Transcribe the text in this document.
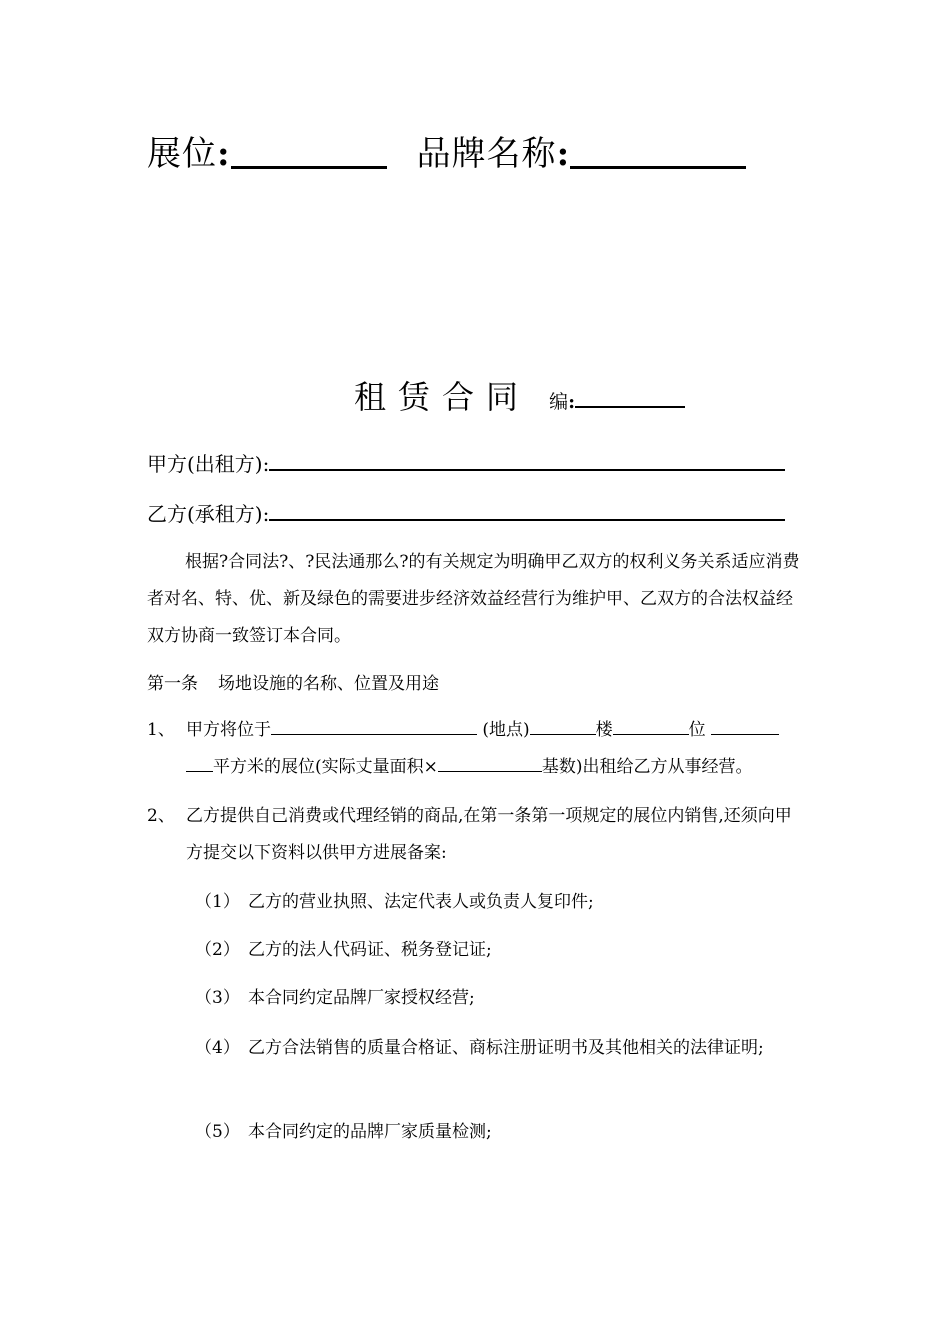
展位:	品牌名称:
租赁合同 编:
甲方(出租方):
乙方(承租方):
根据?合同法?、?民法通那么?的有关规定为明确甲乙双方的权利义务关系适应消费者对名、特、优、新及绿色的需要进步经济效益经营行为维护甲、乙双方的合法权益经双方协商一致签订本合同。
第一条 场地设施的名称、位置及用途
1、 甲方将位于	(地点)	楼	位
平方米的展位(实际丈量面积×	基数)出租给乙方从事经营。
2、 乙方提供自己消费或代理经销的商品,在第一条第一项规定的展位内销售,还须向甲方提交以下资料以供甲方进展备案:
（1） 乙方的营业执照、法定代表人或负责人复印件;
（2） 乙方的法人代码证、税务登记证;
（3） 本合同约定品牌厂家授权经营;
（4） 乙方合法销售的质量合格证、商标注册证明书及其他相关的法律证明;
（5） 本合同约定的品牌厂家质量检测;
